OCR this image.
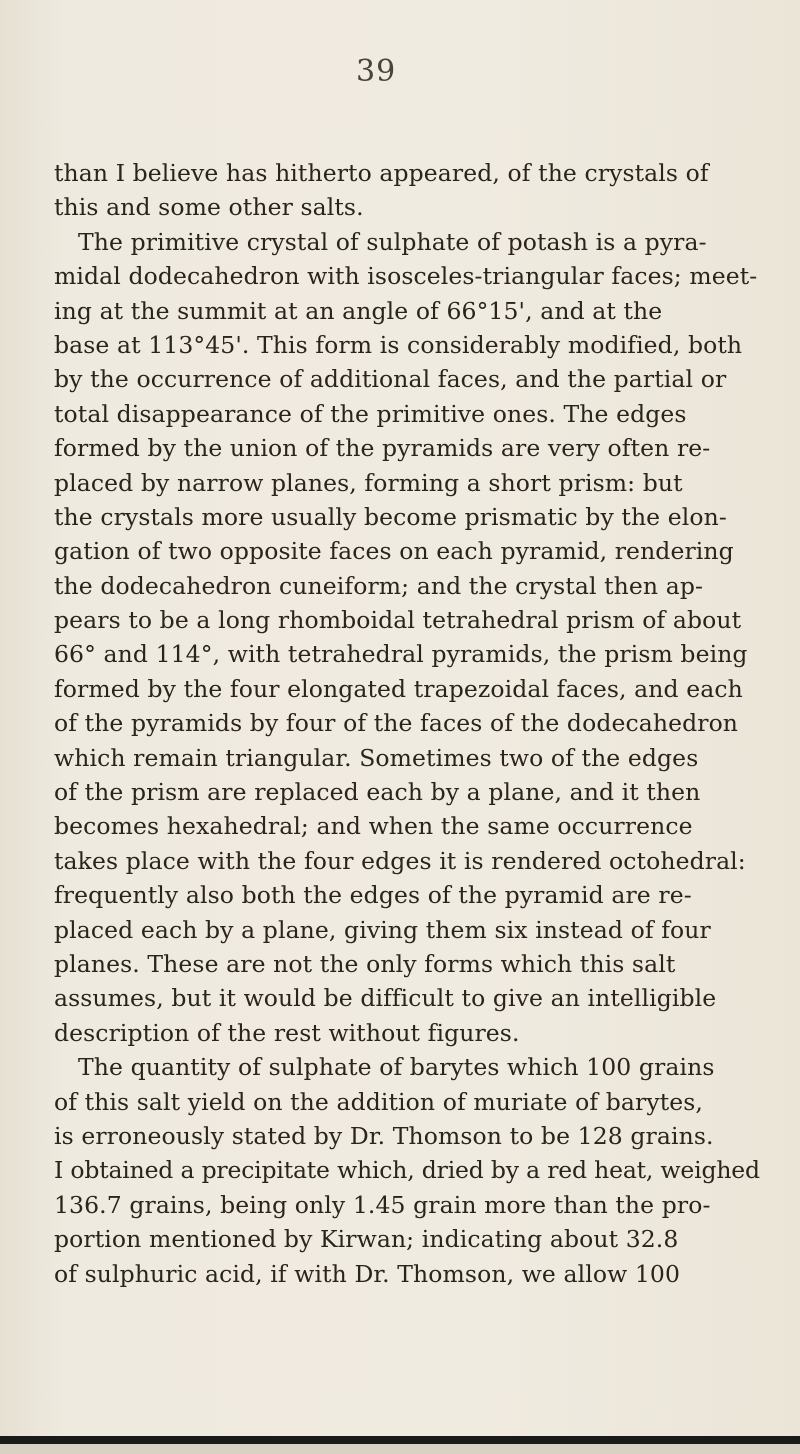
39
than I believe has hitherto appeared, of the crystals of
this and some other salts.
The primitive crystal of sulphate of potash is a pyra-
midal dodecahedron with isosceles-triangular faces; meet-
ing at the summit at an angle of 66°15', and at the
base at 113°45'. This form is considerably modified, both
by the occurrence of additional faces, and the partial or
total disappearance of the primitive ones. The edges
formed by the union of the pyramids are very often re-
placed by narrow planes, forming a short prism: but
the crystals more usually become prismatic by the elon-
gation of two opposite faces on each pyramid, rendering
the dodecahedron cuneiform; and the crystal then ap-
pears to be a long rhomboidal tetrahedral prism of about
66° and 114°, with tetrahedral pyramids, the prism being
formed by the four elongated trapezoidal faces, and each
of the pyramids by four of the faces of the dodecahedron
which remain triangular. Sometimes two of the edges
of the prism are replaced each by a plane, and it then
becomes hexahedral; and when the same occurrence
takes place with the four edges it is rendered octohedral:
frequently also both the edges of the pyramid are re-
placed each by a plane, giving them six instead of four
planes. These are not the only forms which this salt
assumes, but it would be difficult to give an intelligible
description of the rest without figures.
The quantity of sulphate of barytes which 100 grains
of this salt yield on the addition of muriate of barytes,
is erroneously stated by Dr. Thomson to be 128 grains.
I obtained a precipitate which, dried by a red heat, weighed
136.7 grains, being only 1.45 grain more than the pro-
portion mentioned by Kirwan; indicating about 32.8
of sulphuric acid, if with Dr. Thomson, we allow 100
